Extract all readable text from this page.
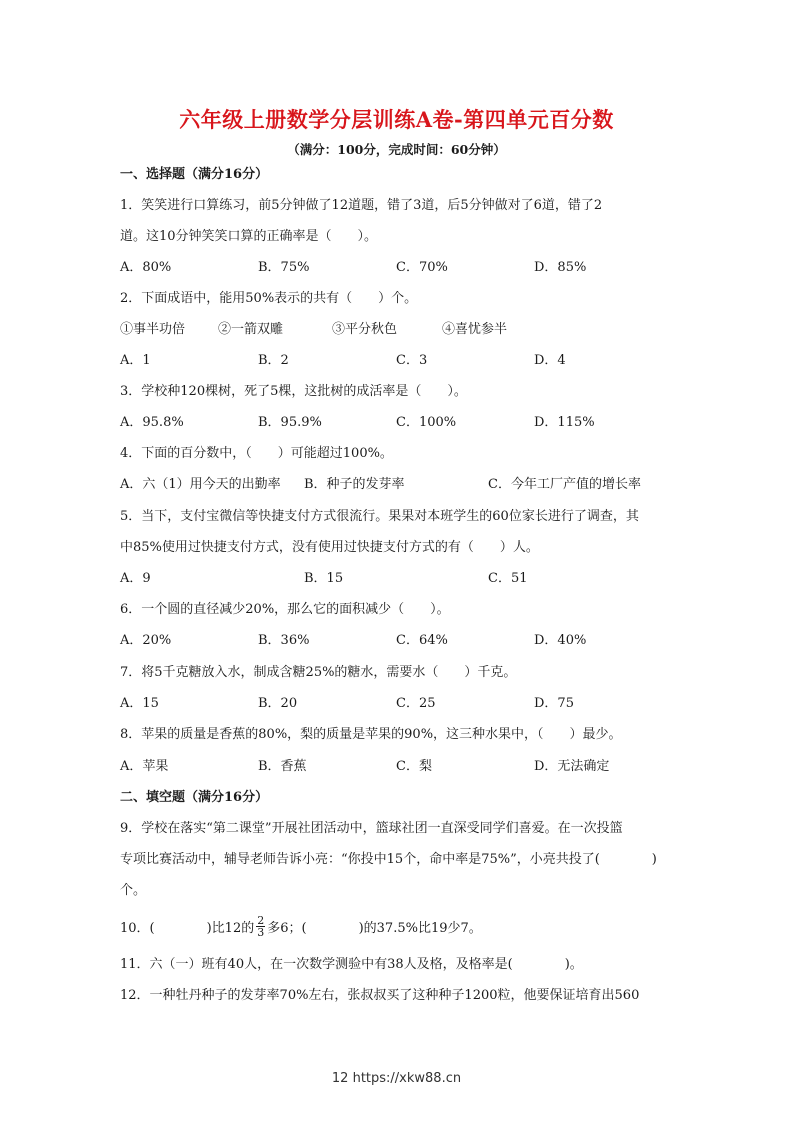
六年级上册数学分层训练A卷-第四单元百分数
（满分：100分，完成时间：60分钟）
一、选择题（满分16分）
1．笑笑进行口算练习，前5分钟做了12道题，错了3道，后5分钟做对了6道，错了2
道。这10分钟笑笑口算的正确率是（　　）。
A．80%	B．75%	C．70%	D．85%
2．下面成语中，能用50%表示的共有（　　）个。
①事半功倍	②一箭双雕	③平分秋色	④喜忧参半
A．1	B．2	C．3	D．4
3．学校种120棵树，死了5棵，这批树的成活率是（　　）。
A．95.8%	B．95.9%	C．100%	D．115%
4．下面的百分数中，（　　）可能超过100%。
A．六（1）用今天的出勤率 B．种子的发芽率	C．今年工厂产值的增长率
5．当下，支付宝微信等快捷支付方式很流行。果果对本班学生的60位家长进行了调查，其
中85%使用过快捷支付方式，没有使用过快捷支付方式的有（　　）人。
A．9	B．15	C．51
6．一个圆的直径减少20%，那么它的面积减少（　　）。
A．20%	B．36%	C．64%	D．40%
7．将5千克糖放入水，制成含糖25%的糖水，需要水（　　）千克。
A．15	B．20	C．25	D．75
8．苹果的质量是香蕉的80%，梨的质量是苹果的90%，这三种水果中，（　　）最少。
A．苹果	B．香蕉	C．梨	D．无法确定
二、填空题（满分16分）
9．学校在落实“第二课堂”开展社团活动中，篮球社团一直深受同学们喜爱。在一次投篮
专项比赛活动中，辅导老师告诉小亮：“你投中15个，命中率是75%”，小亮共投了(　　　　)
个。
10．(　　　　)比12的 $\frac{2}{3}$ 多6；(　　　　)的37.5%比19少7。
11．六（一）班有40人，在一次数学测验中有38人及格，及格率是(　　　　)。
12．一种牡丹种子的发芽率70%左右，张叔叔买了这种种子1200粒，他要保证培育出560
12 https://xkw88.cn
